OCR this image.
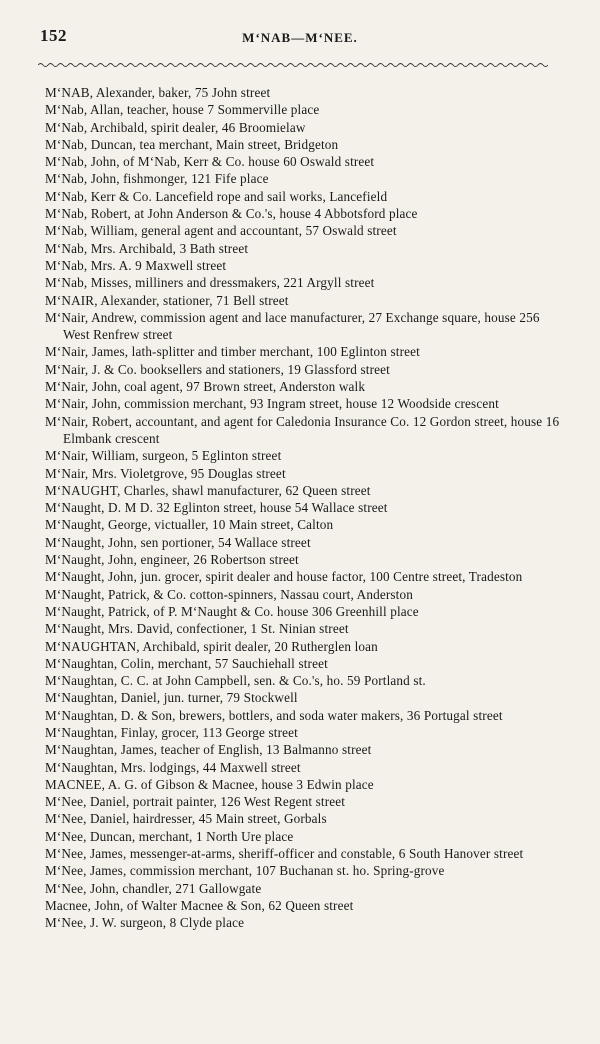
152	M‘NAB—M‘NEE.
M‘NAB, Alexander, baker, 75 John street
M‘Nab, Allan, teacher, house 7 Sommerville place
M‘Nab, Archibald, spirit dealer, 46 Broomielaw
M‘Nab, Duncan, tea merchant, Main street, Bridgeton
M‘Nab, John, of M‘Nab, Kerr & Co. house 60 Oswald street
M‘Nab, John, fishmonger, 121 Fife place
M‘Nab, Kerr & Co. Lancefield rope and sail works, Lancefield
M‘Nab, Robert, at John Anderson & Co.'s, house 4 Abbotsford place
M‘Nab, William, general agent and accountant, 57 Oswald street
M‘Nab, Mrs. Archibald, 3 Bath street
M‘Nab, Mrs. A. 9 Maxwell street
M‘Nab, Misses, milliners and dressmakers, 221 Argyll street
M‘NAIR, Alexander, stationer, 71 Bell street
M‘Nair, Andrew, commission agent and lace manufacturer, 27 Exchange square, house 256 West Renfrew street
M‘Nair, James, lath-splitter and timber merchant, 100 Eglinton street
M‘Nair, J. & Co. booksellers and stationers, 19 Glassford street
M‘Nair, John, coal agent, 97 Brown street, Anderston walk
M‘Nair, John, commission merchant, 93 Ingram street, house 12 Woodside crescent
M‘Nair, Robert, accountant, and agent for Caledonia Insurance Co. 12 Gordon street, house 16 Elmbank crescent
M‘Nair, William, surgeon, 5 Eglinton street
M‘Nair, Mrs. Violetgrove, 95 Douglas street
M‘NAUGHT, Charles, shawl manufacturer, 62 Queen street
M‘Naught, D. M D. 32 Eglinton street, house 54 Wallace street
M‘Naught, George, victualler, 10 Main street, Calton
M‘Naught, John, sen portioner, 54 Wallace street
M‘Naught, John, engineer, 26 Robertson street
M‘Naught, John, jun. grocer, spirit dealer and house factor, 100 Centre street, Tradeston
M‘Naught, Patrick, & Co. cotton-spinners, Nassau court, Anderston
M‘Naught, Patrick, of P. M‘Naught & Co. house 306 Greenhill place
M‘Naught, Mrs. David, confectioner, 1 St. Ninian street
M‘NAUGHTAN, Archibald, spirit dealer, 20 Rutherglen loan
M‘Naughtan, Colin, merchant, 57 Sauchiehall street
M‘Naughtan, C. C. at John Campbell, sen. & Co.'s, ho. 59 Portland st.
M‘Naughtan, Daniel, jun. turner, 79 Stockwell
M‘Naughtan, D. & Son, brewers, bottlers, and soda water makers, 36 Portugal street
M‘Naughtan, Finlay, grocer, 113 George street
M‘Naughtan, James, teacher of English, 13 Balmanno street
M‘Naughtan, Mrs. lodgings, 44 Maxwell street
MACNEE, A. G. of Gibson & Macnee, house 3 Edwin place
M‘Nee, Daniel, portrait painter, 126 West Regent street
M‘Nee, Daniel, hairdresser, 45 Main street, Gorbals
M‘Nee, Duncan, merchant, 1 North Ure place
M‘Nee, James, messenger-at-arms, sheriff-officer and constable, 6 South Hanover street
M‘Nee, James, commission merchant, 107 Buchanan st. ho. Spring-grove
M‘Nee, John, chandler, 271 Gallowgate
Macnee, John, of Walter Macnee & Son, 62 Queen street
M‘Nee, J. W. surgeon, 8 Clyde place
